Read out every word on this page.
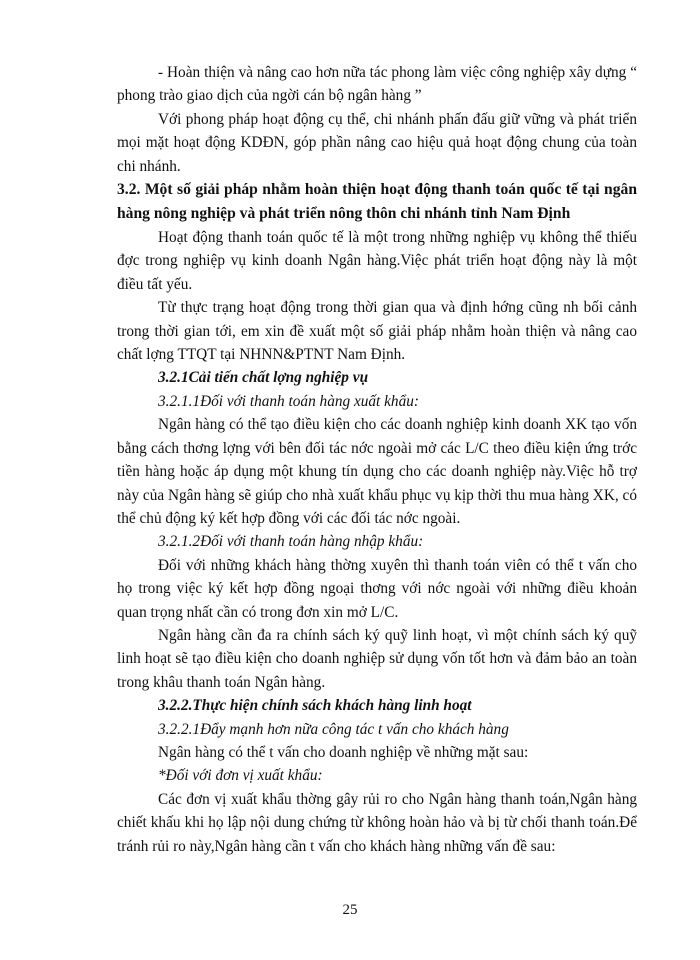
- Hoàn thiện và nâng cao hơn nữa tác phong làm việc công nghiệp xây dựng “ phong trào giao dịch của ngời cán bộ ngân hàng ”

Với phong pháp hoạt động cụ thể, chi nhánh phấn đấu giữ vững và phát triển mọi mặt hoạt động KDĐN, góp phần nâng cao hiệu quả hoạt động chung của toàn chi nhánh.

3.2. Một số giải pháp nhằm hoàn thiện hoạt động thanh toán quốc tế tại ngân hàng nông nghiệp và phát triển nông thôn chi nhánh tỉnh Nam Định

Hoạt động thanh toán quốc tế là một trong những nghiệp vụ không thể thiếu đợc trong nghiệp vụ kinh doanh Ngân hàng.Việc phát triển hoạt động này là một điều tất yếu.

Từ thực trạng hoạt động trong thời gian qua và định hớng cũng nh bối cảnh trong thời gian tới, em xin đề xuất một số giải pháp nhằm hoàn thiện và nâng cao chất lợng TTQT tại NHNN&PTNT Nam Định.

3.2.1Cải tiến chất lợng nghiệp vụ

3.2.1.1Đối với thanh toán hàng xuất khẩu:

Ngân hàng có thể tạo điều kiện cho các doanh nghiệp kinh doanh XK tạo vốn bằng cách thơng lợng với bên đối tác nớc ngoài mở các L/C theo điều kiện ứng trớc tiền hàng hoặc áp dụng một khung tín dụng cho các doanh nghiệp này.Việc hỗ trợ này của Ngân hàng sẽ giúp cho nhà xuất khẩu phục vụ kịp thời thu mua hàng XK, có thể chủ động ký kết hợp đồng với các đối tác nớc ngoài.

3.2.1.2Đối với thanh toán hàng nhập khẩu:

Đối với những khách hàng thờng xuyên thì thanh toán viên có thể t vấn cho họ trong việc ký kết hợp đồng ngoại thơng với nớc ngoài với những điều khoản quan trọng nhất cần có trong đơn xin mở L/C.

Ngân hàng cần đa ra chính sách ký quỹ linh hoạt, vì một chính sách ký quỹ linh hoạt sẽ tạo điều kiện cho doanh nghiệp sử dụng vốn tốt hơn và đảm bảo an toàn trong khâu thanh toán Ngân hàng.

3.2.2.Thực hiện chính sách khách hàng linh hoạt

3.2.2.1Đẩy mạnh hơn nữa công tác t vấn cho khách hàng

Ngân hàng có thể t vấn cho doanh nghiệp về những mặt sau:

*Đối với đơn vị xuất khẩu:

Các đơn vị xuất khẩu thờng gây rủi ro cho Ngân hàng thanh toán,Ngân hàng chiết khấu khi họ lập nội dung chứng từ không hoàn hảo và bị từ chối thanh toán.Để tránh rủi ro này,Ngân hàng cần t vấn cho khách hàng những vấn đề sau:

25
